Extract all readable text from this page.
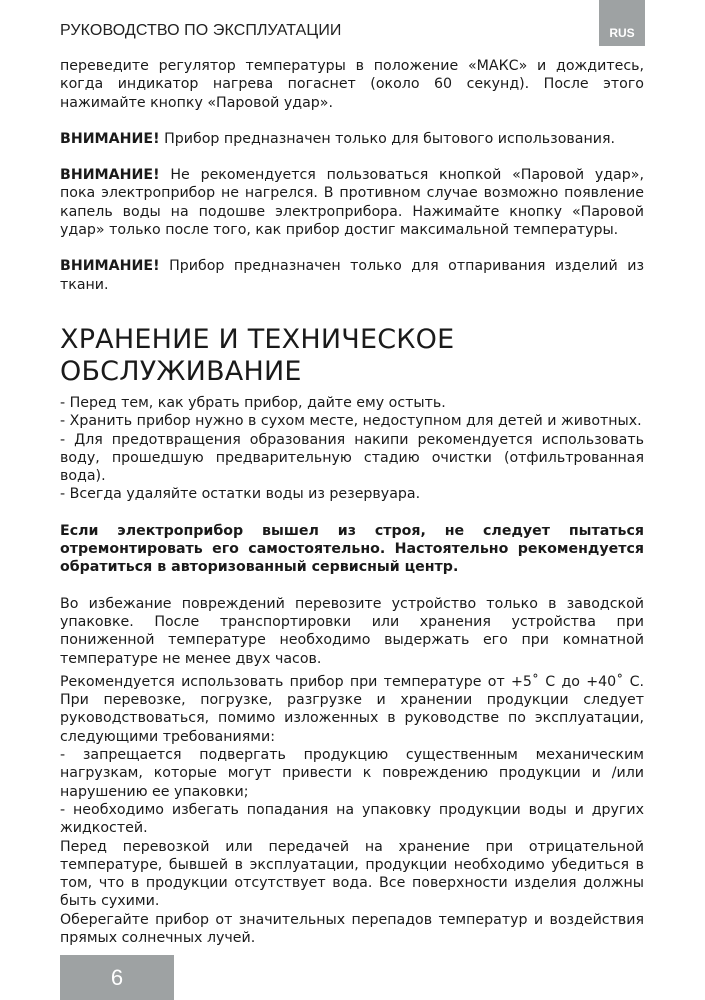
РУКОВОДСТВО ПО ЭКСПЛУАТАЦИИ	RUS

переведите регулятор температуры в положение «МАКС» и дождитесь, когда индикатор нагрева погаснет (около 60 секунд). После этого нажимайте кнопку «Паровой удар».

ВНИМАНИЕ! Прибор предназначен только для бытового использования.

ВНИМАНИЕ! Не рекомендуется пользоваться кнопкой «Паровой удар», пока электроприбор не нагрелся. В противном случае возможно появление капель воды на подошве электроприбора. Нажимайте кнопку «Паровой удар» только после того, как прибор достиг максимальной температуры.

ВНИМАНИЕ! Прибор предназначен только для отпаривания изделий из ткани.

ХРАНЕНИЕ И ТЕХНИЧЕСКОЕ
ОБСЛУЖИВАНИЕ

- Перед тем, как убрать прибор, дайте ему остыть.

- Хранить прибор нужно в сухом месте, недоступном для детей и животных.

- Для предотвращения образования накипи рекомендуется использовать воду, прошедшую предварительную стадию очистки (отфильтрованная вода).

- Всегда удаляйте остатки воды из резервуара.

Если электроприбор вышел из строя, не следует пытаться отремонтировать его самостоятельно. Настоятельно рекомендуется обратиться в авторизованный сервисный центр.

Во избежание повреждений перевозите устройство только в заводской упаковке. После транспортировки или хранения устройства при пониженной температуре необходимо выдержать его при комнатной температуре не менее двух часов.

Рекомендуется использовать прибор при температуре от +5˚ С до +40˚ С. При перевозке, погрузке, разгрузке и хранении продукции следует руководствоваться, помимо изложенных в руководстве по эксплуатации, следующими требованиями:

- запрещается подвергать продукцию существенным механическим нагрузкам, которые могут привести к повреждению продукции и /или нарушению ее упаковки;

- необходимо избегать попадания на упаковку продукции воды и других жидкостей.

Перед перевозкой или передачей на хранение при отрицательной температуре, бывшей в эксплуатации, продукции необходимо убедиться в том, что в продукции отсутствует вода. Все поверхности изделия должны быть сухими.

Оберегайте прибор от значительных перепадов температур и воздействия прямых солнечных лучей.

6
